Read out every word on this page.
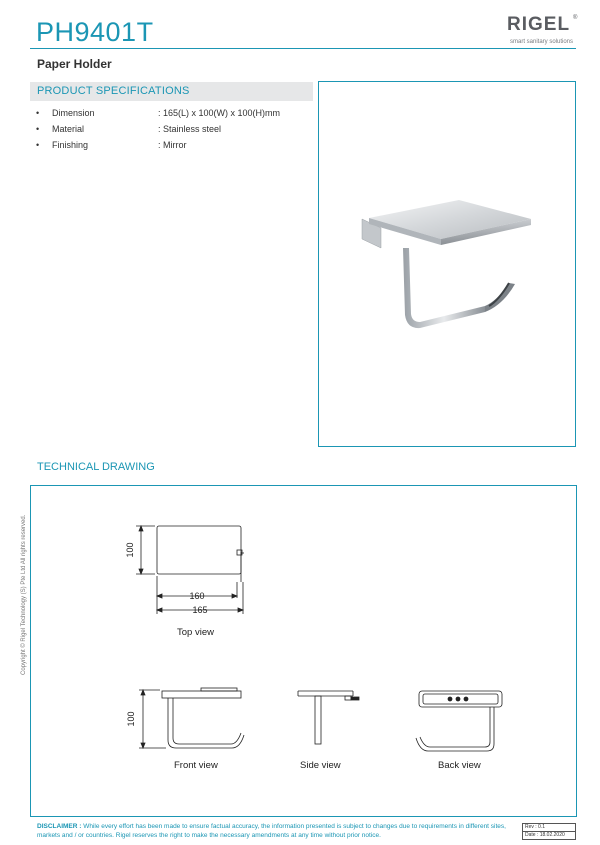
PH9401T	RIGEL ®
smart sanitary solutions
Paper Holder
PRODUCT SPECIFICATIONS
• Dimension	: 165(L) x 100(W) x 100(H)mm
• Material	: Stainless steel
• Finishing	: Mirror
TECHNICAL DRAWING
100
160
165
100
Top view
Front view	Side view	Back view
Copyright © Rigel Technology (S) Pte Ltd All rights reserved.
DISCLAIMER : While every effort has been made to ensure factual accuracy, the information presented is subject to changes due to requirements in different sites, markets and / or countries. Rigel reserves the right to make the necessary amendments at any time without prior notice.
Rev : 0.1
Date : 18.02.2020
